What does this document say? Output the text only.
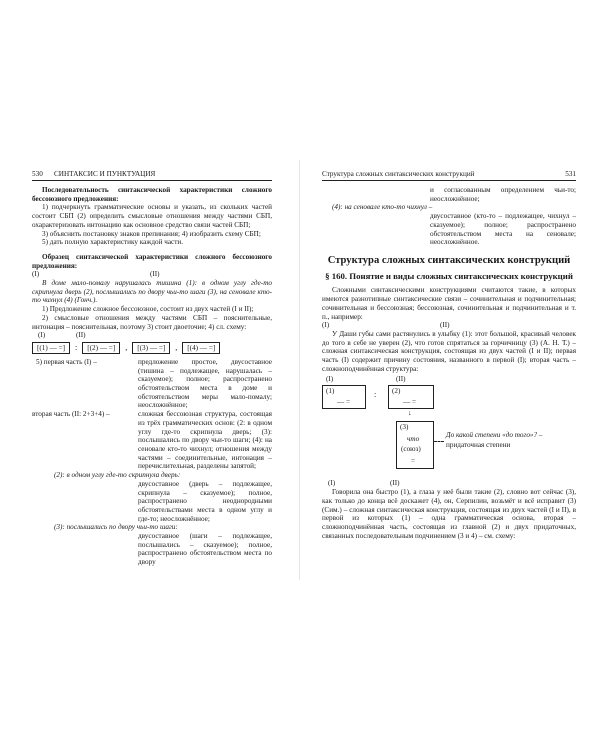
530	СИНТАКСИС И ПУНКТУАЦИЯ

Последовательность синтаксической характеристики сложного бессоюзного предложения:

1) подчеркнуть грамматические основы и указать, из скольких частей состоит СБП (2) определить смысловые отношения между частями СБП, охарактеризовать интонацию как основное средство связи частей СБП;

3) объяснить постановку знаков препинания; 4) изобразить схему СБП;

5) дать полную характеристику каждой части.

Образец синтаксической характеристики сложного бессоюзного предложения:

(I)	(II)

В доме мало-помалу нарушалась тишина (1): в одном углу где-то скрипнула дверь (2), послышались по двору чьи-то шаги (3), на сеновале кто-то чихнул (4) (Гонч.).

1) Предложение сложное бессоюзное, состоит из двух частей (I и II);

2) смысловые отношения между частями СБП – пояснительные, интонация – пояснительная, поэтому 3) стоит двоеточие; 4) сл. схему:

(I)	(II)
[(1) — =]	:	[(2) — =]	,	[(3) — =]	,	[(4) — =]
5) первая часть (I) –	предложение простое, двусоставное (тишина – подлежащее, нарушалась – сказуемое); полное; распространено обстоятельством места в доме и обстоятельством меры мало-помалу; неосложнённое;
вторая часть (II: 2+3+4) –	сложная бессоюзная структура, состоящая из трёх грамматических основ: (2: в одном углу где-то скрипнула дверь; (3): послышались по двору чьи-то шаги; (4): на сеновале кто-то чихнул; отношения между частями – соединительные, интонация – перечислительная, разделены запятой;

(2): в одном углу где-то скрипнула дверь:

двусоставное (дверь – подлежащее, скрипнула – сказуемое); полное, распространено неоднородными обстоятельствами места в одном углу и где-то; неосложнённое;

(3): послышались по двору чьи-то шаги:

двусоставное (шаги – подлежащее, послышались – сказуемое); полное, распространено обстоятельством места по двору
Структура сложных синтаксических конструкций	531
и согласованным определением чьи-то; неосложнённое;

(4): на сеновале кто-то чихнул –

двусоставное (кто-то – подлежащее, чихнул – сказуемое); полное; распространено обстоятельством места на сеновале; неосложнённое.
Структура сложных синтаксических конструкций
§ 160. Понятие и виды сложных синтаксических конструкций

Сложными синтаксическими конструкциями считаются такие, в которых имеются разнотипные синтаксические связи – сочинительная и подчинительная; сочинительная и бессоюзная; бессоюзная, сочинительная и подчинительная и т. п., например:

(I)	(II)

У Даши губы сами растянулись в улыбку (1): этот большой, красивый человек до того в себе не уверен (2), что готов спрятаться за горчичницу (3) (А. Н. Т.) – сложная синтаксическая конструкция, состоящая из двух частей (I и II); первая часть (I) содержит причину состояния, названного в первой (I); вторая часть – сложноподчинённая структура:

(I)	(II)
(1)
— =
: (2)
— =
↓
(3)
что
(союз)
=
До какой степени «до того»? –
придаточная степени
(I)	(II)

Говорила она быстро (1), а глаза у неё были такие (2), словно вот сейчас (3), как только до конца всё доскажет (4), он, Серпилин, возьмёт и всё исправит (3) (Сим.) – сложная синтаксическая конструкция, состоящая из двух частей (I и II), в первой из которых (1) – одна грамматическая основа, вторая – сложноподчинённая часть, состоящая из главной (2) и двух придаточных, связанных последовательным подчинением (3 и 4) – см. схему:
